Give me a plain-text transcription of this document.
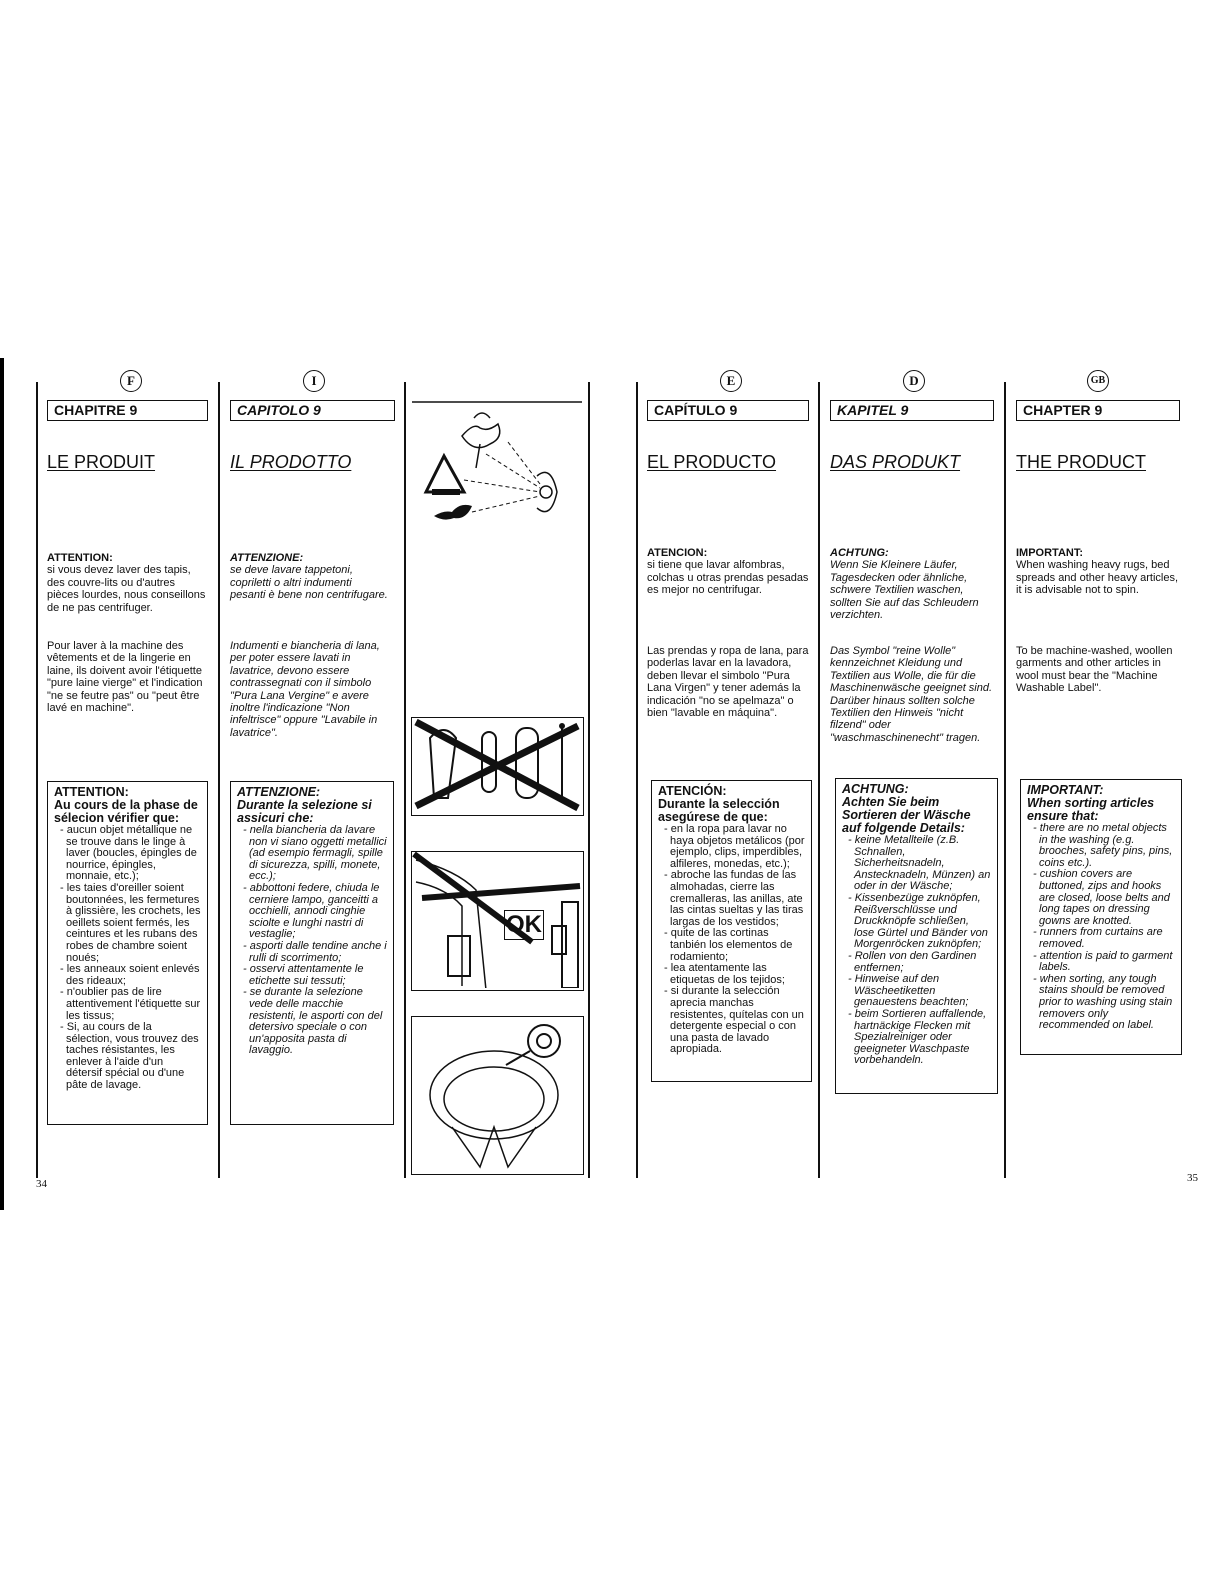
F
CHAPITRE 9
LE PRODUIT
ATTENTION:
si vous devez laver des tapis, des couvre-lits ou d'autres pièces lourdes, nous conseillons de ne pas centrifuger.
Pour laver à la machine des vêtements et de la lingerie en laine, ils doivent avoir l'étiquette "pure laine vierge" et l'indication "ne se feutre pas" ou "peut être lavé en machine".
ATTENTION:
Au cours de la phase de sélecion vérifier que:
- aucun objet métallique ne se trouve dans le linge à laver (boucles, épingles de nourrice, épingles, monnaie, etc.);
- les taies d'oreiller soient boutonnées, les fermetures à glissière, les crochets, les oeillets soient fermés, les ceintures et les rubans des robes de chambre soient noués;
- les anneaux soient enlevés des rideaux;
- n'oublier pas de lire attentivement l'étiquette sur les tissus;
- Si, au cours de la sélection, vous trouvez des taches résistantes, les enlever à l'aide d'un détersif spécial ou d'une pâte de lavage.
34
I
CAPITOLO 9
IL PRODOTTO
ATTENZIONE:
se deve lavare tappetoni, copriletti o altri indumenti pesanti è bene non centrifugare.
Indumenti e biancheria di lana, per poter essere lavati in lavatrice, devono essere contrassegnati con il simbolo "Pura Lana Vergine" e avere inoltre l'indicazione "Non infeltrisce" oppure "Lavabile in lavatrice".
ATTENZIONE:
Durante la selezione si assicuri che:
- nella biancheria da lavare non vi siano oggetti metallici (ad esempio fermagli, spille di sicurezza, spilli, monete, ecc.);
- abbottoni federe, chiuda le cerniere lampo, ganceitti a occhielli, annodi cinghie sciolte e lunghi nastri di vestaglie;
- asporti dalle tendine anche i rulli di scorrimento;
- osservi attentamente le etichette sui tessuti;
- se durante la selezione vede delle macchie resistenti, le asporti con del detersivo speciale o con un'apposita pasta di lavaggio.
OK
E
CAPÍTULO 9
EL PRODUCTO
ATENCION:
si tiene que lavar alfombras, colchas u otras prendas pesadas es mejor no centrifugar.
Las prendas y ropa de lana, para poderlas lavar en la lavadora, deben llevar el simbolo "Pura Lana Virgen" y tener además la indicación "no se apelmaza" o bien "lavable en máquina".
ATENCIÓN:
Durante la selección asegúrese de que:
- en la ropa para lavar no haya objetos metálicos (por ejemplo, clips, imperdibles, alfileres, monedas, etc.);
- abroche las fundas de las almohadas, cierre las cremalleras, las anillas, ate las cintas sueltas y las tiras largas de los vestidos;
- quite de las cortinas tanbién los elementos de rodamiento;
- lea atentamente las etiquetas de los tejidos;
- si durante la selección aprecia manchas resistentes, quítelas con un detergente especial o con una pasta de lavado apropiada.
D
KAPITEL 9
DAS PRODUKT
ACHTUNG:
Wenn Sie Kleinere Läufer, Tagesdecken oder ähnliche, schwere Textilien waschen, sollten Sie auf das Schleudern verzichten.
Das Symbol "reine Wolle" kennzeichnet Kleidung und Textilien aus Wolle, die für die Maschinenwäsche geeignet sind. Darüber hinaus sollten solche Textilien den Hinweis "nicht filzend" oder "waschmaschinenecht" tragen.
ACHTUNG:
Achten Sie beim Sortieren der Wäsche auf folgende Details:
- keine Metallteile (z.B. Schnallen, Sicherheitsnadeln, Anstecknadeln, Münzen) an oder in der Wäsche;
- Kissenbezüge zuknöpfen, Reißverschlüsse und Druckknöpfe schließen, lose Gürtel und Bänder von Morgenröcken zuknöpfen;
- Rollen von den Gardinen entfernen;
- Hinweise auf den Wäscheetiketten genauestens beachten;
- beim Sortieren auffallende, hartnäckige Flecken mit Spezialreiniger oder geeigneter Waschpaste vorbehandeln.
GB
CHAPTER 9
THE PRODUCT
IMPORTANT:
When washing heavy rugs, bed spreads and other heavy articles, it is advisable not to spin.
To be machine-washed, woollen garments and other articles in wool must bear the "Machine Washable Label".
IMPORTANT:
When sorting articles ensure that:
- there are no metal objects in the washing (e.g. brooches, safety pins, pins, coins etc.).
- cushion covers are buttoned, zips and hooks are closed, loose belts and long tapes on dressing gowns are knotted.
- runners from curtains are removed.
- attention is paid to garment labels.
- when sorting, any tough stains should be removed prior to washing using stain removers only recommended on label.
35
